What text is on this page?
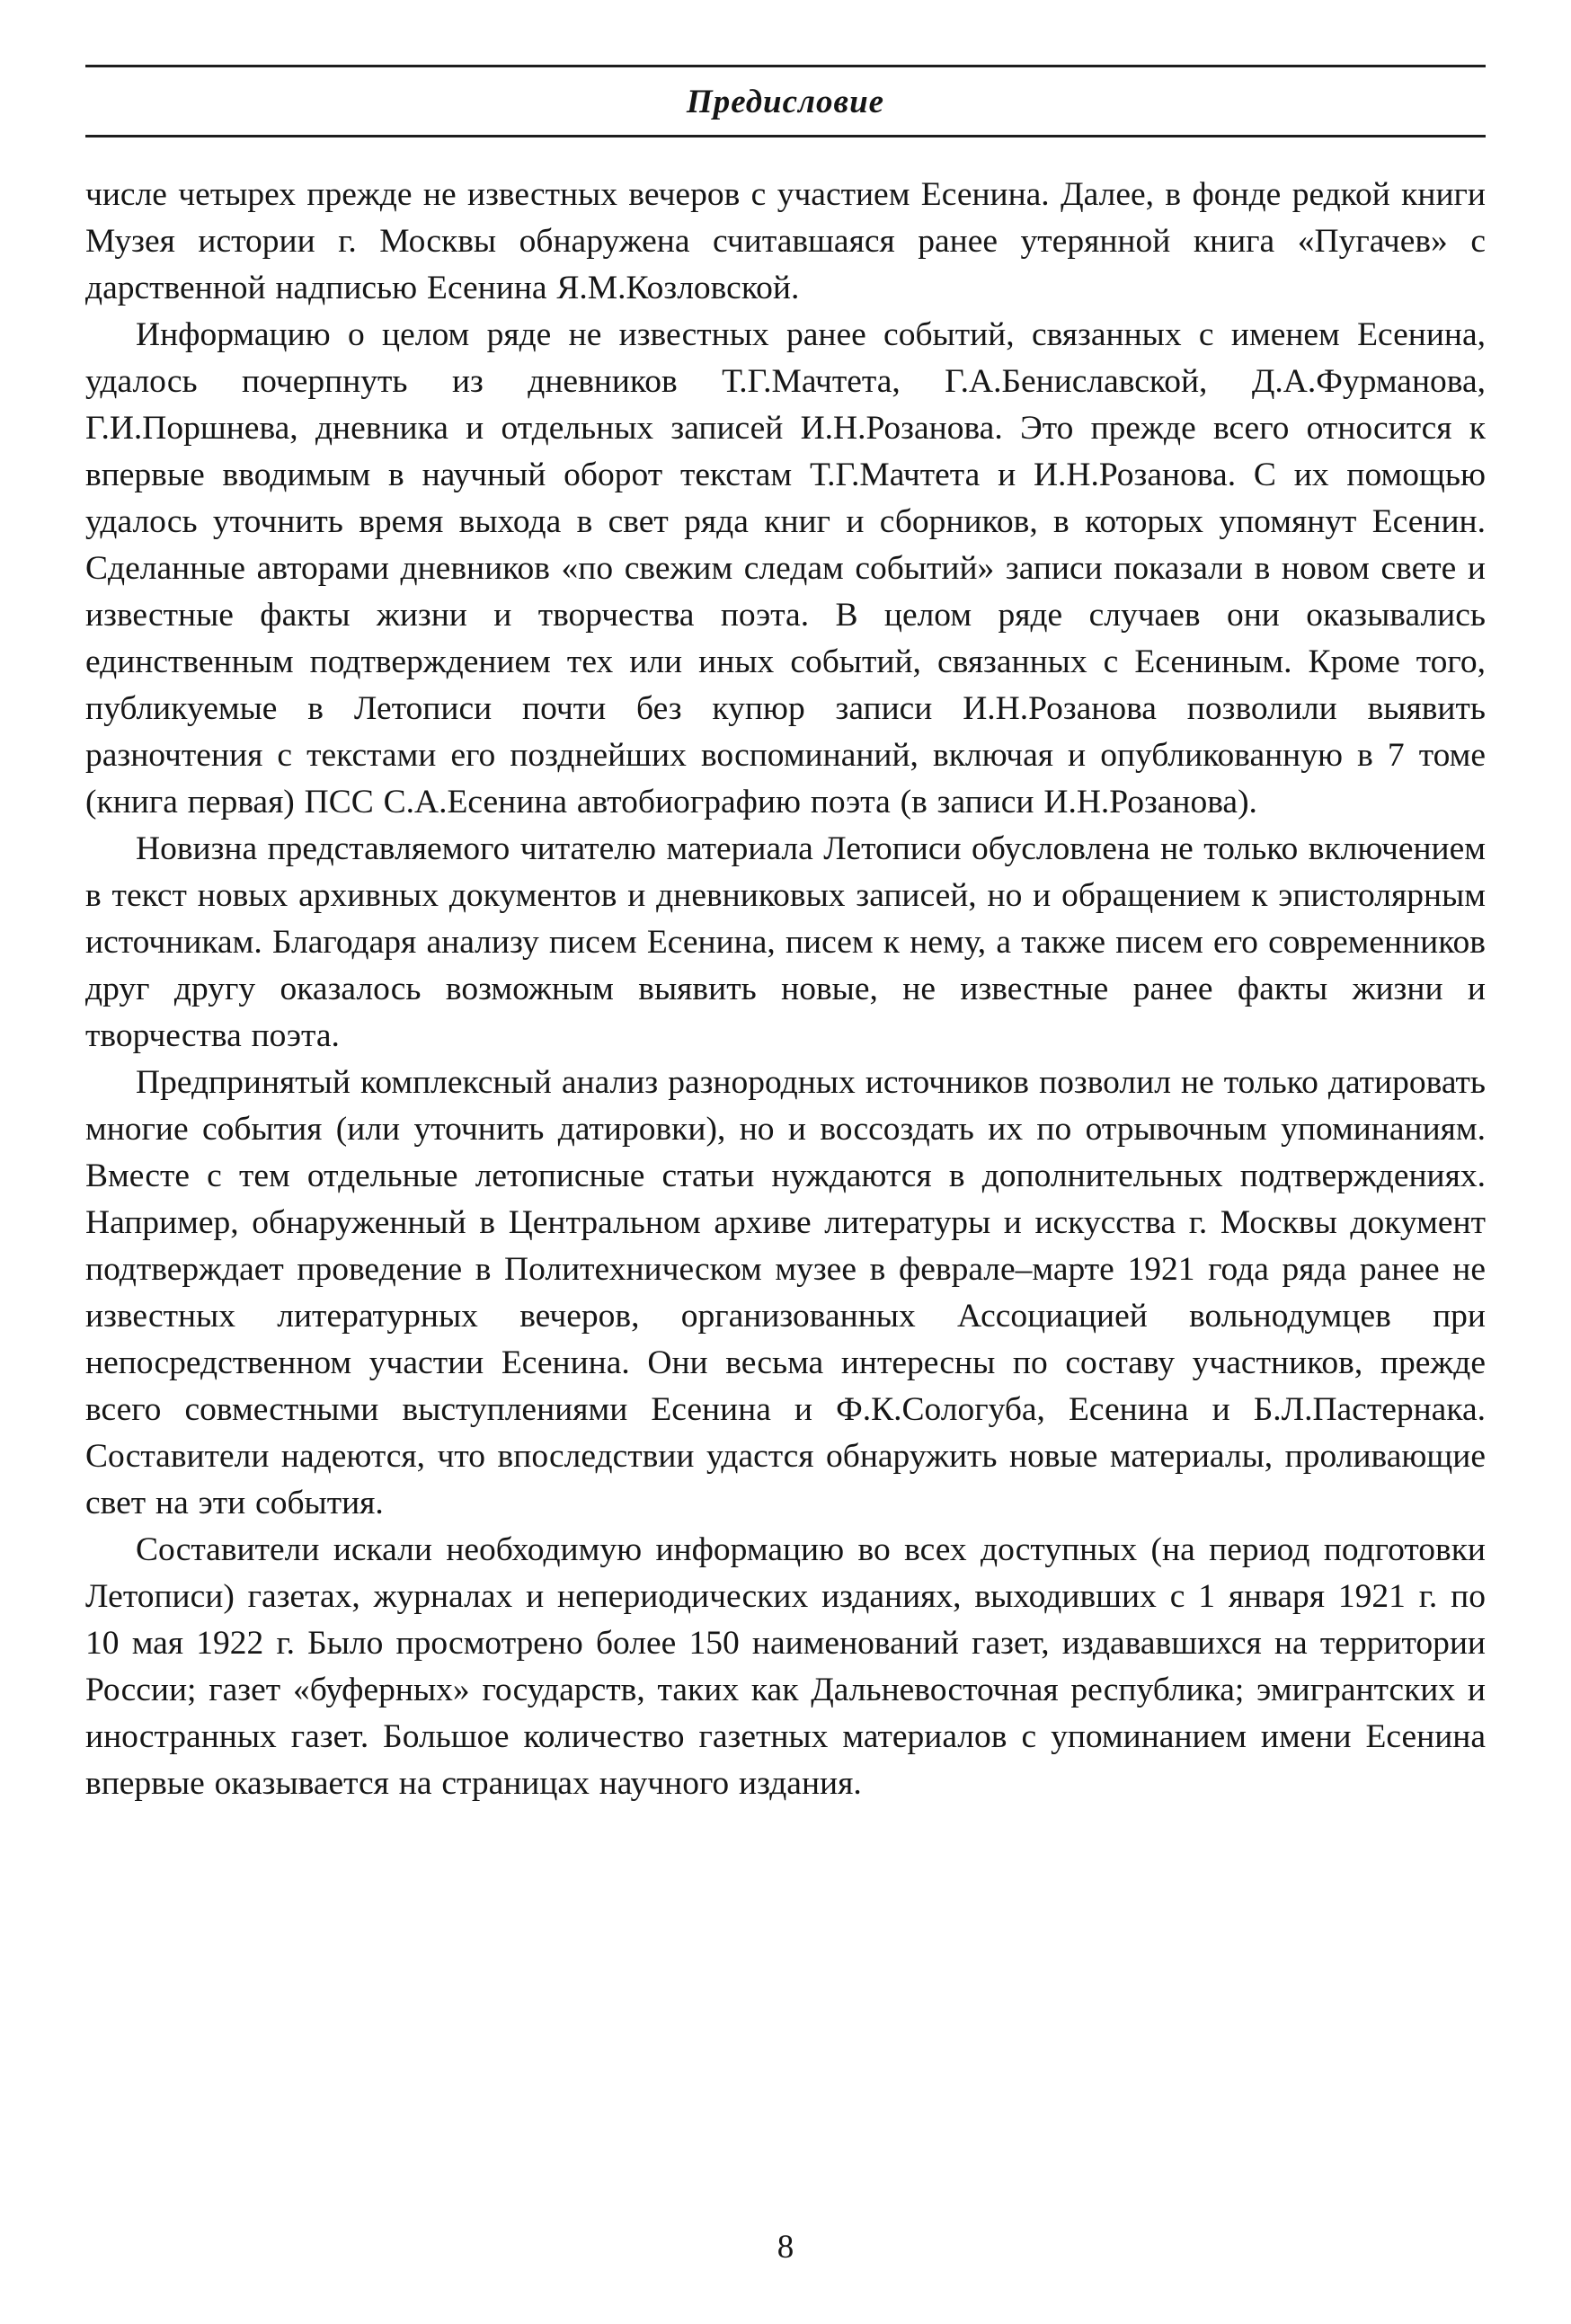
Предисловие

числе четырех прежде не известных вечеров с участием Есенина. Далее, в фонде редкой книги Музея истории г. Москвы обнаружена считавшаяся ранее утерянной книга «Пугачев» с дарственной надписью Есенина Я.М.Козловской.

Информацию о целом ряде не известных ранее событий, связанных с именем Есенина, удалось почерпнуть из дневников Т.Г.Мачтета, Г.А.Бениславской, Д.А.Фурманова, Г.И.Поршнева, дневника и отдельных записей И.Н.Розанова. Это прежде всего относится к впервые вводимым в научный оборот текстам Т.Г.Мачтета и И.Н.Розанова. С их помощью удалось уточнить время выхода в свет ряда книг и сборников, в которых упомянут Есенин. Сделанные авторами дневников «по свежим следам событий» записи показали в новом свете и известные факты жизни и творчества поэта. В целом ряде случаев они оказывались единственным подтверждением тех или иных событий, связанных с Есениным. Кроме того, публикуемые в Летописи почти без купюр записи И.Н.Розанова позволили выявить разночтения с текстами его позднейших воспоминаний, включая и опубликованную в 7 томе (книга первая) ПСС С.А.Есенина автобиографию поэта (в записи И.Н.Розанова).

Новизна представляемого читателю материала Летописи обусловлена не только включением в текст новых архивных документов и дневниковых записей, но и обращением к эпистолярным источникам. Благодаря анализу писем Есенина, писем к нему, а также писем его современников друг другу оказалось возможным выявить новые, не известные ранее факты жизни и творчества поэта.

Предпринятый комплексный анализ разнородных источников позволил не только датировать многие события (или уточнить датировки), но и воссоздать их по отрывочным упоминаниям. Вместе с тем отдельные летописные статьи нуждаются в дополнительных подтверждениях. Например, обнаруженный в Центральном архиве литературы и искусства г. Москвы документ подтверждает проведение в Политехническом музее в феврале–марте 1921 года ряда ранее не известных литературных вечеров, организованных Ассоциацией вольнодумцев при непосредственном участии Есенина. Они весьма интересны по составу участников, прежде всего совместными выступлениями Есенина и Ф.К.Сологуба, Есенина и Б.Л.Пастернака. Составители надеются, что впоследствии удастся обнаружить новые материалы, проливающие свет на эти события.

Составители искали необходимую информацию во всех доступных (на период подготовки Летописи) газетах, журналах и непериодических изданиях, выходивших с 1 января 1921 г. по 10 мая 1922 г. Было просмотрено более 150 наименований газет, издававшихся на территории России; газет «буферных» государств, таких как Дальневосточная республика; эмигрантских и иностранных газет. Большое количество газетных материалов с упоминанием имени Есенина впервые оказывается на страницах научного издания.

8
